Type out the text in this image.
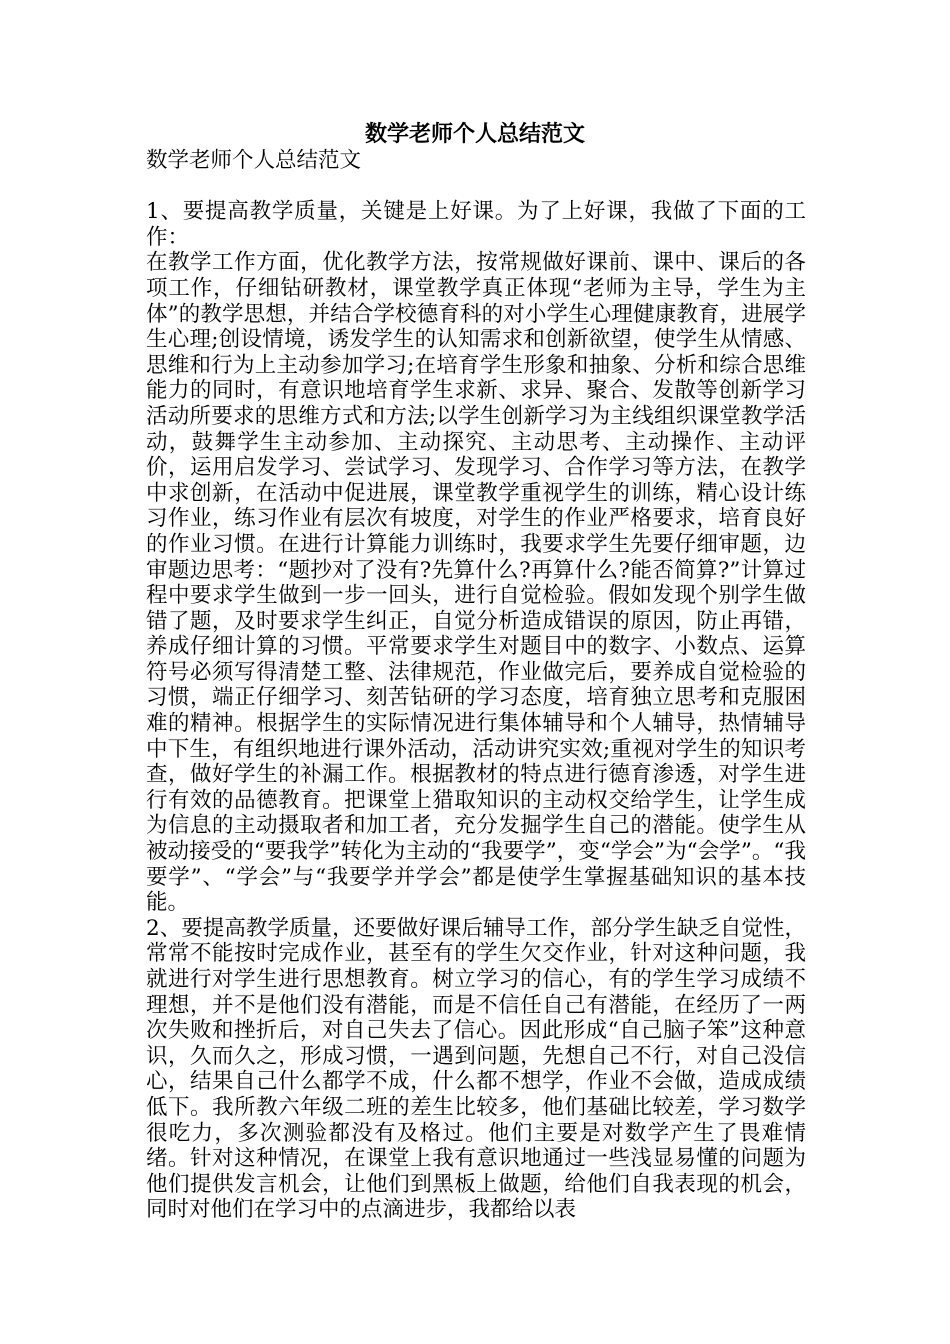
数学老师个人总结范文

数学老师个人总结范文

1、要提高教学质量，关键是上好课。为了上好课，我做了下面的工作：

在教学工作方面，优化教学方法，按常规做好课前、课中、课后的各项工作，仔细钻研教材，课堂教学真正体现“老师为主导，学生为主体”的教学思想，并结合学校德育科的对小学生心理健康教育，进展学生心理;创设情境，诱发学生的认知需求和创新欲望，使学生从情感、思维和行为上主动参加学习;在培育学生形象和抽象、分析和综合思维能力的同时，有意识地培育学生求新、求异、聚合、发散等创新学习活动所要求的思维方式和方法;以学生创新学习为主线组织课堂教学活动，鼓舞学生主动参加、主动探究、主动思考、主动操作、主动评价，运用启发学习、尝试学习、发现学习、合作学习等方法，在教学中求创新，在活动中促进展，课堂教学重视学生的训练，精心设计练习作业，练习作业有层次有坡度，对学生的作业严格要求，培育良好的作业习惯。在进行计算能力训练时，我要求学生先要仔细审题，边审题边思考：“题抄对了没有?先算什么?再算什么?能否简算?”计算过程中要求学生做到一步一回头，进行自觉检验。假如发现个别学生做错了题，及时要求学生纠正，自觉分析造成错误的原因，防止再错，养成仔细计算的习惯。平常要求学生对题目中的数字、小数点、运算符号必须写得清楚工整、法律规范，作业做完后，要养成自觉检验的习惯，端正仔细学习、刻苦钻研的学习态度，培育独立思考和克服困难的精神。根据学生的实际情况进行集体辅导和个人辅导，热情辅导中下生，有组织地进行课外活动，活动讲究实效;重视对学生的知识考查，做好学生的补漏工作。根据教材的特点进行德育渗透，对学生进行有效的品德教育。把课堂上猎取知识的主动权交给学生，让学生成为信息的主动摄取者和加工者，充分发掘学生自己的潜能。使学生从被动接受的“要我学”转化为主动的“我要学”，变“学会”为“会学”。“我要学”、“学会”与“我要学并学会”都是使学生掌握基础知识的基本技能。

2、要提高教学质量，还要做好课后辅导工作，部分学生缺乏自觉性，常常不能按时完成作业，甚至有的学生欠交作业，针对这种问题，我就进行对学生进行思想教育。树立学习的信心，有的学生学习成绩不理想，并不是他们没有潜能，而是不信任自己有潜能，在经历了一两次失败和挫折后，对自己失去了信心。因此形成“自己脑子笨”这种意识，久而久之，形成习惯，一遇到问题，先想自己不行，对自己没信心，结果自己什么都学不成，什么都不想学，作业不会做，造成成绩低下。我所教六年级二班的差生比较多，他们基础比较差，学习数学很吃力，多次测验都没有及格过。他们主要是对数学产生了畏难情绪。针对这种情况，在课堂上我有意识地通过一些浅显易懂的问题为他们提供发言机会，让他们到黑板上做题，给他们自我表现的机会，同时对他们在学习中的点滴进步，我都给以表
